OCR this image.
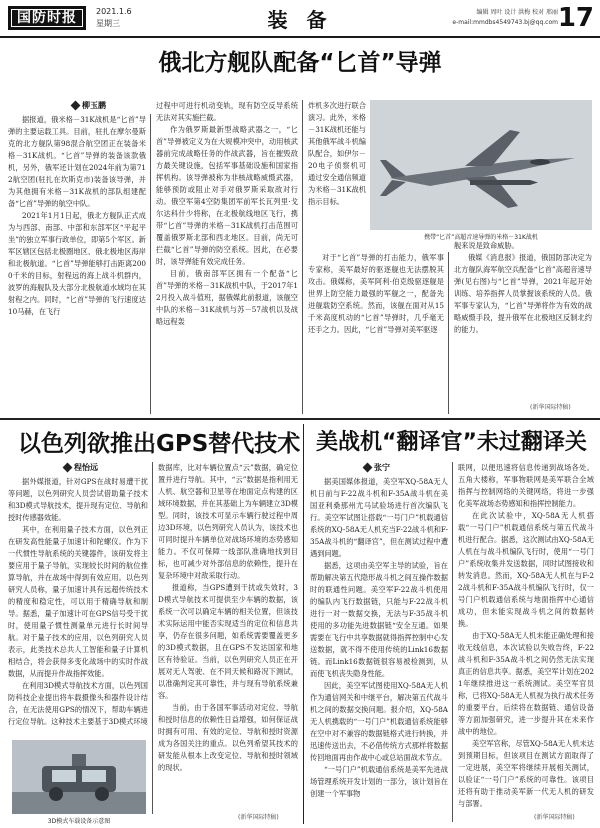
国防时报	2021.1.6
星期三	装 备	编辑 周叶 设计 洪梅 校对 邢丽
e-mail:mmdbs4549743.bj@qq.com 17
俄北方舰队配备“匕首”导弹
柳玉鹏

据报道，俄米格－31K战机是“匕首”导弹的主要运载工具。目前，驻扎在摩尔曼斯克的北方舰队第98混合航空团正在装备米格－31K战机。“匕首”导弹的装备该款俄机，另外，俄军还计划在2024年前为第712航空团(驻扎在坎斯克市)装备该导弹，并为其他拥有米格－31K战机的部队组建配备“匕首”导弹的航空中队。

2021年1月1日起，俄北方舰队正式成为与西部、南部、中部和东部军区“平起平坐”的独立军事行政单位，即第5个军区。新军区辖区包括北极圈地区、俄北极地区海岸和北极航道。“匕首”导弹能够打击距离2000千米的目标，射程远的海上战斗机群内，波罗的海舰队及大部分北极航道水域均在其射程之内。同时，“匕首”导弹的飞行速度达10马赫，在飞行

过程中可进行机动变轨，现有防空反导系统无法对其实施拦截。

作为俄罗斯最新型战略武器之一，“匕首”导弹被定义为在大规模冲突中，动用核武器前完成战略任务的作战武器，旨在摧毁敌方最关键设施，包括军事基础设施和国家指挥机构。该导弹被称为非核战略威慑武器，能够预防或阻止对手对俄罗斯采取敌对行动。俄空军第4空防集团军前军长瓦列里·戈尔达科什少将称，在北极航线地区飞行，携带“匕首”导弹的米格－31K战机打击范围可覆盖俄罗斯北部和西北地区。目前，尚无可拦截“匕首”导弹的防空系统。因此，在必要时，该导弹能有效完成任务。

目前，俄南部军区拥有一个配备“匕首”导弹的米格－31K战机中队，于2017年12月投入战斗值班，据俄媒此前报道，该舰空中队的米格－31K战机与苏－57战机以及战略远程轰

炸机多次进行联合演习。此外，米格－31K战机还能与其他俄军战斗机编队配合，如伊尔－20电子侦察机可通过安全通信频道为米格－31K战机指示目标。

携带“匕首”高超音速导弹的米格－31K战机

对于“匕首”导弹的打击能力，俄军事专家称，美军最好的驱逐舰也无法摆脱其攻击。俄媒称，美军阿利·伯克级驱逐舰是世界上防空能力最强的军舰之一，配备先进舰载防空系统。然而，该舰在面对从15千米高度机动的“匕首”导弹时，几乎毫无还手之力。因此，“匕首”导弹对美军驱逐

舰来说是致命威胁。

俄媒《消息报》报道，俄国防部决定为北方舰队海军航空兵配备“匕首”高超音速导弹(见右图)与“匕首”导弹，2021年起开始训练、培养指挥人员掌握该系统的人员。俄军事专家认为，“匕首”导弹将作为有效的战略威慑手段，提升俄军在北极地区反制北约的能力。

(新华国际特稿)
以色列欲推出GPS替代技术
程怡远

据外媒报道，针对GPS在战时易遭干扰等问题，以色列研究人员尝试借助量子技术和3D模式导航技术，提升现有定位、导航和授时传感器效能。

其中，在利用量子技术方面，以色列正在研发高性能量子加速计和陀螺仪。作为下一代惯性导航系统的关键器件，该研发将主要应用于量子导航，实现较长时间的航位推算导航，并在战场中得到有效应用。以色列研究人员称，量子加速计具有远超传统技术的精度和稳定性，可以用于精确导航和制导。据悉，量子加速计可在GPS信号受干扰时，使用量子惯性测量单元进行长时间导航。对于量子技术的应用，以色列研究人员表示，此类技术总共人工智能和量子计算机相结合，将会获得多变化战场中的实时作战数据，从而提升作战指挥效能。

在利用3D模式导航技术方面，以色列国防科技企业提出将车载摄像头和器件设计结合，在无法使用GPS的情况下，帮助车辆进行定位导航。这种技术主要基于3D模式环境

3D模式车载设备示意图

数据库，比对车辆位置点“云”数据，确定位置并进行导航。其中，“云”数据是指利用无人机、航空器和卫星等在地面定点构建的区域环境数据，并在其基础上为车辆建立3D模型。同时，该技术可显示车辆行驶过程中周边3D环境，以色列研究人员认为，该技术也可同时提升车辆单位对战场环境的态势感知能力。不仅可保障一线部队准确地找到目标，也可减少对外部信息的依赖性，提升在复杂环境中对敌采取行动。

报道称，当GPS遭到干扰或失效时，3D模式导航技术可提供至少车辆的数据，该系统一次可以确定车辆的相关位置，但该技术实际运用中能否实现适当的定位和信息共享，仍存在很多问题，如系统需要覆盖更多的3D模式数据，且在GPS不发达国家和地区有待验证。当前，以色列研究人员正在开展对无人驾驶、在不同天候和路况下测试，以准确判定其可靠性，并与现有导航系统兼容。

当前，由于各国军事活动对定位、导航和授时信息的依赖性日益增强，如何保证战时拥有可用、有效的定位、导航和授时资源成为各国关注的重点。以色列希望其技术的研发能从根本上改变定位、导航和授时领域的现状。

(新华国际特稿)
美战机“翻译官”未过翻译关
张宁

据美国媒体报道，美空军XQ-58A无人机日前与F-22战斗机和F-35A战斗机在美国亚利桑那州尤马试验场进行首次编队飞行。美空军试图让搭载“一号门户”机载通信系统的XQ-58A无人机充当F-22战斗机和F-35A战斗机的“翻译官”，但在测试过程中遭遇到问题。

据悉，这项由美空军主导的试验，旨在帮助解决第五代隐形战斗机之间互操作数据时的联通性问题。美空军F-22战斗机使用的编队内飞行数据链，只能与F-22战斗机进行一对一数据交换，无法与F-35战斗机使用的多功能先进数据链“安全互通。如果需要在飞行中共享数据就得指挥控制中心发送数据，就不得不使用传统的Link16数据链。而Link16数据链很容易被检测到，从而使飞机丧失隐身性能。

因此，美空军试图使用XQ-58A无人机作为通信网关和中继平台，解决第五代战斗机之间的数据交换问题。报介绍，XQ-58A无人机携载的“一号门户”机载通信系统能够在空中对不兼容的数据链格式进行转换，并迅速传送出去，不必借传统方式那样将数据传回地面再由作战中心或总站面战术节点。

“一号门户”机载通信系统是美军先进战场管理系统开发计划的一部分，该计划旨在创建一个军事物

联网，以便迅速将信息传递到战场各处。五角大楼称，军事物联网是美军联合全域指挥与控制网络的关键网络，将进一步强化美军战场态势感知和指挥控制能力。

在此次试验中，XQ-58A无人机搭载“一号门户”机载通信系统与第五代战斗机进行配合。据悉，这次测试由XQ-58A无人机在与战斗机编队飞行时，使用“一号门户”系统收集并发送数据，同时试图接收和转发消息。然而，XQ-58A无人机在与F-22战斗机和F-35A战斗机编队飞行时，仅一号门户机载通信系统与地面指挥中心通信成功，但未能实现战斗机之间的数据转换。

由于XQ-58A无人机未能正确处理和接收无线信息，本次试验以失败告终，F-22战斗机和F-35A战斗机之间仍然无法实现真正的信息共享。据悉，美空军计划在2021年继续推进这一系统测试。美空军官员称，已将XQ-58A无人机视为执行战术任务的重要平台，后续将在数据链、通信设备等方面加强研究，进一步提升其在未来作战中的地位。

美空军官称，尽管XQ-58A无人机未达到预期目标，但该项目在测试方面取得了一定进展，美空军将继续开展相关测试，以验证“一号门户”系统的可靠性。该项目还将有助于推动美军新一代无人机的研发与部署。

(新华国际特稿)
